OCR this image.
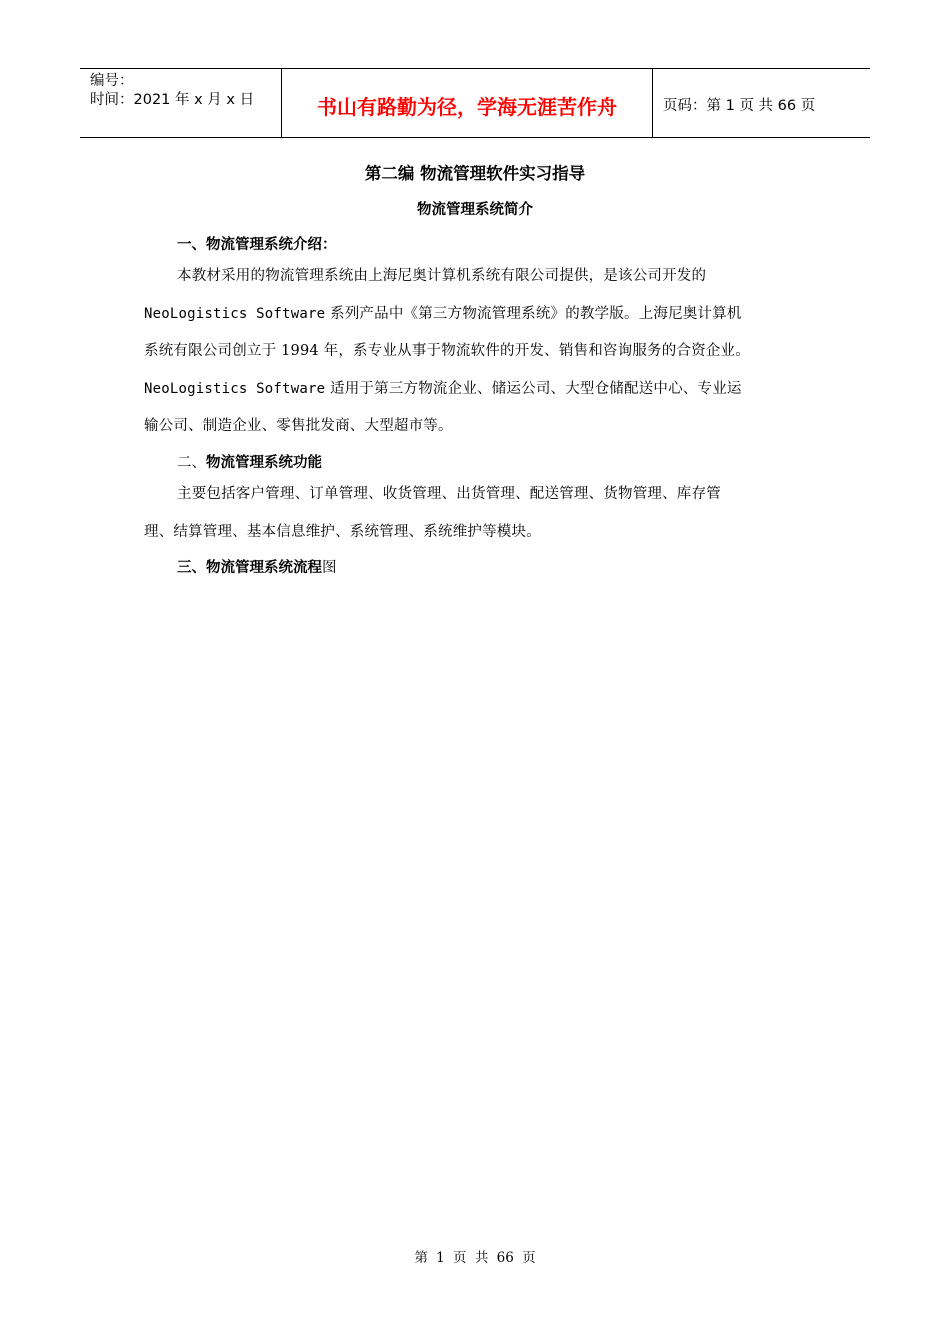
编号：
时间：2021 年 x 月 x 日	书山有路勤为径，学海无涯苦作舟	页码：第 1 页 共 66 页
第二编 物流管理软件实习指导
物流管理系统简介
一、物流管理系统介绍：
本教材采用的物流管理系统由上海尼奥计算机系统有限公司提供，是该公司开发的
NeoLogistics Software 系列产品中《第三方物流管理系统》的教学版。上海尼奥计算机
系统有限公司创立于 1994 年，系专业从事于物流软件的开发、销售和咨询服务的合资企业。
NeoLogistics Software 适用于第三方物流企业、储运公司、大型仓储配送中心、专业运
输公司、制造企业、零售批发商、大型超市等。
二、物流管理系统功能
主要包括客户管理、订单管理、收货管理、出货管理、配送管理、货物管理、库存管
理、结算管理、基本信息维护、系统管理、系统维护等模块。
三、物流管理系统流程图
第 1 页 共 66 页
